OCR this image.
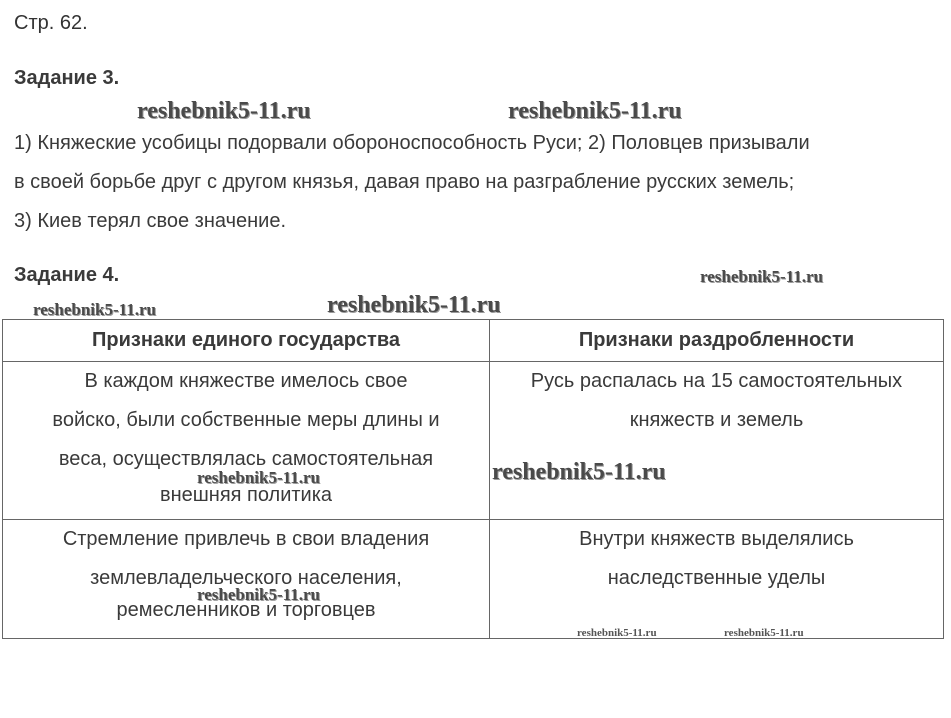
Стр. 62.
Задание 3.
1) Княжеские усобицы подорвали обороноспособность Руси; 2) Половцев призывали
в своей борьбе друг с другом князья, давая право на разграбление русских земель;
3) Киев терял свое значение.
Задание 4.
Признаки единого государства	Признаки раздробленности

В каждом княжестве имелось свое
войско, были собственные меры длины и
веса, осуществлялась самостоятельная
внешняя политика	Русь распалась на 15 самостоятельных
княжеств и земель

Стремление привлечь в свои владения
землевладельческого населения,
ремесленников и торговцев	Внутри княжеств выделялись
наследственные уделы
reshebnik5-11.ru	reshebnik5-11.ru
reshebnik5-11.ru
reshebnik5-11.ru	reshebnik5-11.ru
reshebnik5-11.ru	reshebnik5-11.ru
reshebnik5-11.ru
reshebnik5-11.ru	reshebnik5-11.ru
